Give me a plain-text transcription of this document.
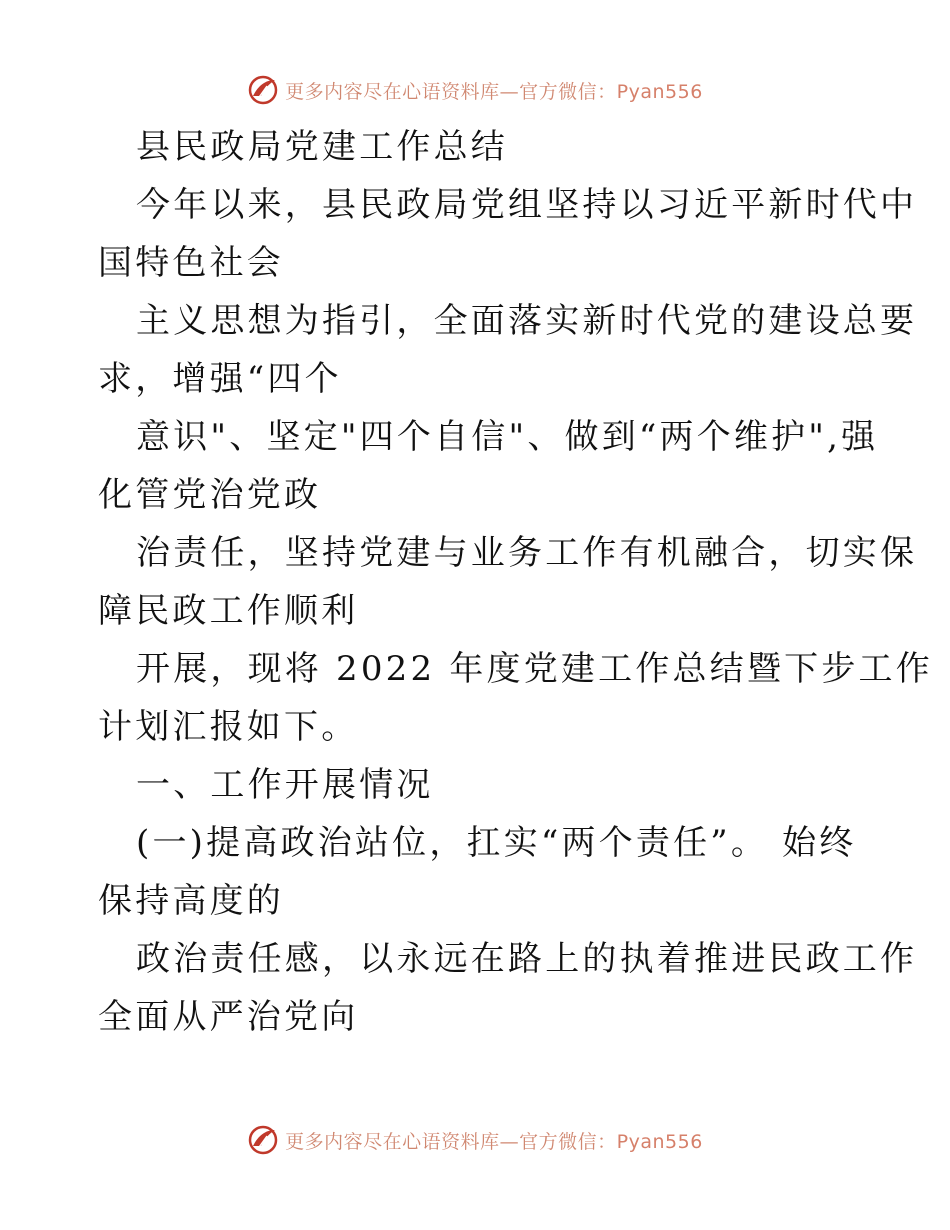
更多内容尽在心语资料库—官方微信：Pyan556

县民政局党建工作总结

今年以来，县民政局党组坚持以习近平新时代中

国特色社会

主义思想为指引，全面落实新时代党的建设总要

求，增强“四个

意识"、坚定"四个自信"、做到“两个维护",强

化管党治党政

治责任，坚持党建与业务工作有机融合，切实保

障民政工作顺利

开展，现将 2022 年度党建工作总结暨下步工作

计划汇报如下。

一、工作开展情况

(一)提高政治站位，扛实“两个责任”。 始终

保持高度的

政治责任感，以永远在路上的执着推进民政工作

全面从严治党向

更多内容尽在心语资料库—官方微信：Pyan556
